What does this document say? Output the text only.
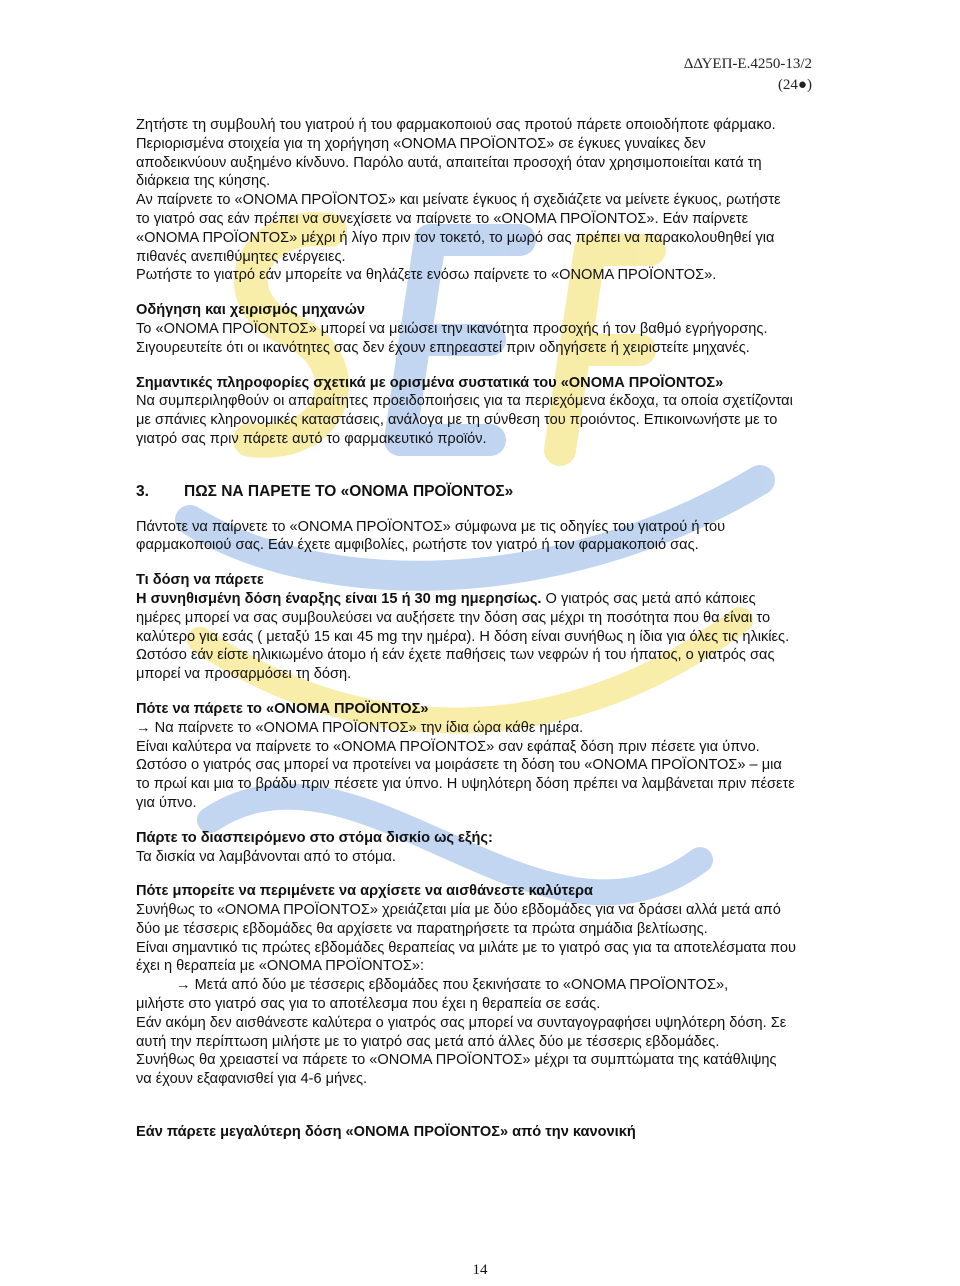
ΔΔΥΕΠ-Ε.4250-13/2
(24●)

Ζητήστε τη συμβουλή του γιατρού ή του φαρμακοποιού σας προτού πάρετε οποιοδήποτε φάρμακο.

Περιορισμένα στοιχεία για τη χορήγηση «ΟΝΟΜΑ ΠΡΟΪΟΝΤΟΣ» σε έγκυες γυναίκες δεν αποδεικνύουν αυξημένο κίνδυνο. Παρόλο αυτά, απαιτείται προσοχή όταν χρησιμοποιείται κατά τη διάρκεια της κύησης.

Αν παίρνετε το «ΟΝΟΜΑ ΠΡΟΪΟΝΤΟΣ» και μείνατε έγκυος ή σχεδιάζετε να μείνετε έγκυος, ρωτήστε το γιατρό σας εάν πρέπει να συνεχίσετε να παίρνετε το «ΟΝΟΜΑ ΠΡΟΪΟΝΤΟΣ». Εάν παίρνετε «ΟΝΟΜΑ ΠΡΟΪΟΝΤΟΣ» μέχρι ή λίγο πριν τον τοκετό, το μωρό σας πρέπει να παρακολουθηθεί για πιθανές ανεπιθύμητες ενέργειες.

Ρωτήστε το γιατρό εάν μπορείτε να θηλάζετε ενόσω παίρνετε το «ΟΝΟΜΑ ΠΡΟΪΟΝΤΟΣ».

Οδήγηση και χειρισμός μηχανών

Το «ΟΝΟΜΑ ΠΡΟΪΟΝΤΟΣ» μπορεί να μειώσει την ικανότητα προσοχής ή τον βαθμό εγρήγορσης. Σιγουρευτείτε ότι οι ικανότητες σας δεν έχουν επηρεαστεί πριν οδηγήσετε ή χειριστείτε μηχανές.

Σημαντικές πληροφορίες σχετικά με ορισμένα συστατικά του «ΟΝΟΜΑ ΠΡΟΪΟΝΤΟΣ»

Να συμπεριληφθούν οι απαραίτητες προειδοποιήσεις για τα περιεχόμενα έκδοχα, τα οποία σχετίζονται με σπάνιες κληρονομικές καταστάσεις, ανάλογα με τη σύνθεση του προιόντος. Επικοινωνήστε με το γιατρό σας πριν πάρετε αυτό το φαρμακευτικό προϊόν.

3.	ΠΩΣ ΝΑ ΠΑΡΕΤΕ ΤΟ «ΟΝΟΜΑ ΠΡΟΪΟΝΤΟΣ»

Πάντοτε να παίρνετε το «ΟΝΟΜΑ ΠΡΟΪΟΝΤΟΣ» σύμφωνα με τις οδηγίες του γιατρού ή του φαρμακοποιού σας. Εάν έχετε αμφιβολίες, ρωτήστε τον γιατρό ή τον φαρμακοποιό σας.

Τι δόση να πάρετε

Η συνηθισμένη δόση έναρξης είναι 15 ή 30 mg ημερησίως. Ο γιατρός σας μετά από κάποιες ημέρες μπορεί να σας συμβουλεύσει να αυξήσετε την δόση σας μέχρι τη ποσότητα που θα είναι το καλύτερο για εσάς ( μεταξύ 15 και 45 mg την ημέρα). Η δόση είναι συνήθως η ίδια για όλες τις ηλικίες. Ωστόσο εάν είστε ηλικιωμένο άτομο ή εάν έχετε παθήσεις των νεφρών ή του ήπατος, ο γιατρός σας μπορεί να προσαρμόσει τη δόση.

Πότε να πάρετε το «ΟΝΟΜΑ ΠΡΟΪΟΝΤΟΣ»

→ Να παίρνετε το «ΟΝΟΜΑ ΠΡΟΪΟΝΤΟΣ» την ίδια ώρα κάθε ημέρα.

Είναι καλύτερα να παίρνετε το «ΟΝΟΜΑ ΠΡΟΪΟΝΤΟΣ» σαν εφάπαξ δόση πριν πέσετε για ύπνο. Ωστόσο ο γιατρός σας μπορεί να προτείνει να μοιράσετε τη δόση του «ΟΝΟΜΑ ΠΡΟΪΟΝΤΟΣ» – μια το πρωί και μια το βράδυ πριν πέσετε για ύπνο. Η υψηλότερη δόση πρέπει να λαμβάνεται πριν πέσετε για ύπνο.

Πάρτε το διασπειρόμενο στο στόμα δισκίο ως εξής:

Τα δισκία να λαμβάνονται από το στόμα.

Πότε μπορείτε να περιμένετε να αρχίσετε να αισθάνεστε καλύτερα

Συνήθως το «ΟΝΟΜΑ ΠΡΟΪΟΝΤΟΣ» χρειάζεται μία με δύο εβδομάδες για να δράσει αλλά μετά από δύο με τέσσερις εβδομάδες θα αρχίσετε να παρατηρήσετε τα πρώτα σημάδια βελτίωσης.

Είναι σημαντικό τις πρώτες εβδομάδες θεραπείας να μιλάτε με το γιατρό σας για τα αποτελέσματα που έχει η θεραπεία με «ΟΝΟΜΑ ΠΡΟΪΟΝΤΟΣ»:

→ Μετά από δύο με τέσσερις εβδομάδες που ξεκινήσατε το «ΟΝΟΜΑ ΠΡΟΪΟΝΤΟΣ»,

μιλήστε στο γιατρό σας για το αποτέλεσμα που έχει η θεραπεία σε εσάς.

Εάν ακόμη δεν αισθάνεστε καλύτερα ο γιατρός σας μπορεί να συνταγογραφήσει υψηλότερη δόση. Σε αυτή την περίπτωση μιλήστε με το γιατρό σας μετά από άλλες δύο με τέσσερις εβδομάδες.

Συνήθως θα χρειαστεί να πάρετε το «ΟΝΟΜΑ ΠΡΟΪΟΝΤΟΣ» μέχρι τα συμπτώματα της κατάθλιψης να έχουν εξαφανισθεί για 4-6 μήνες.

Εάν πάρετε μεγαλύτερη δόση «ΟΝΟΜΑ ΠΡΟΪΟΝΤΟΣ» από την κανονική

14
